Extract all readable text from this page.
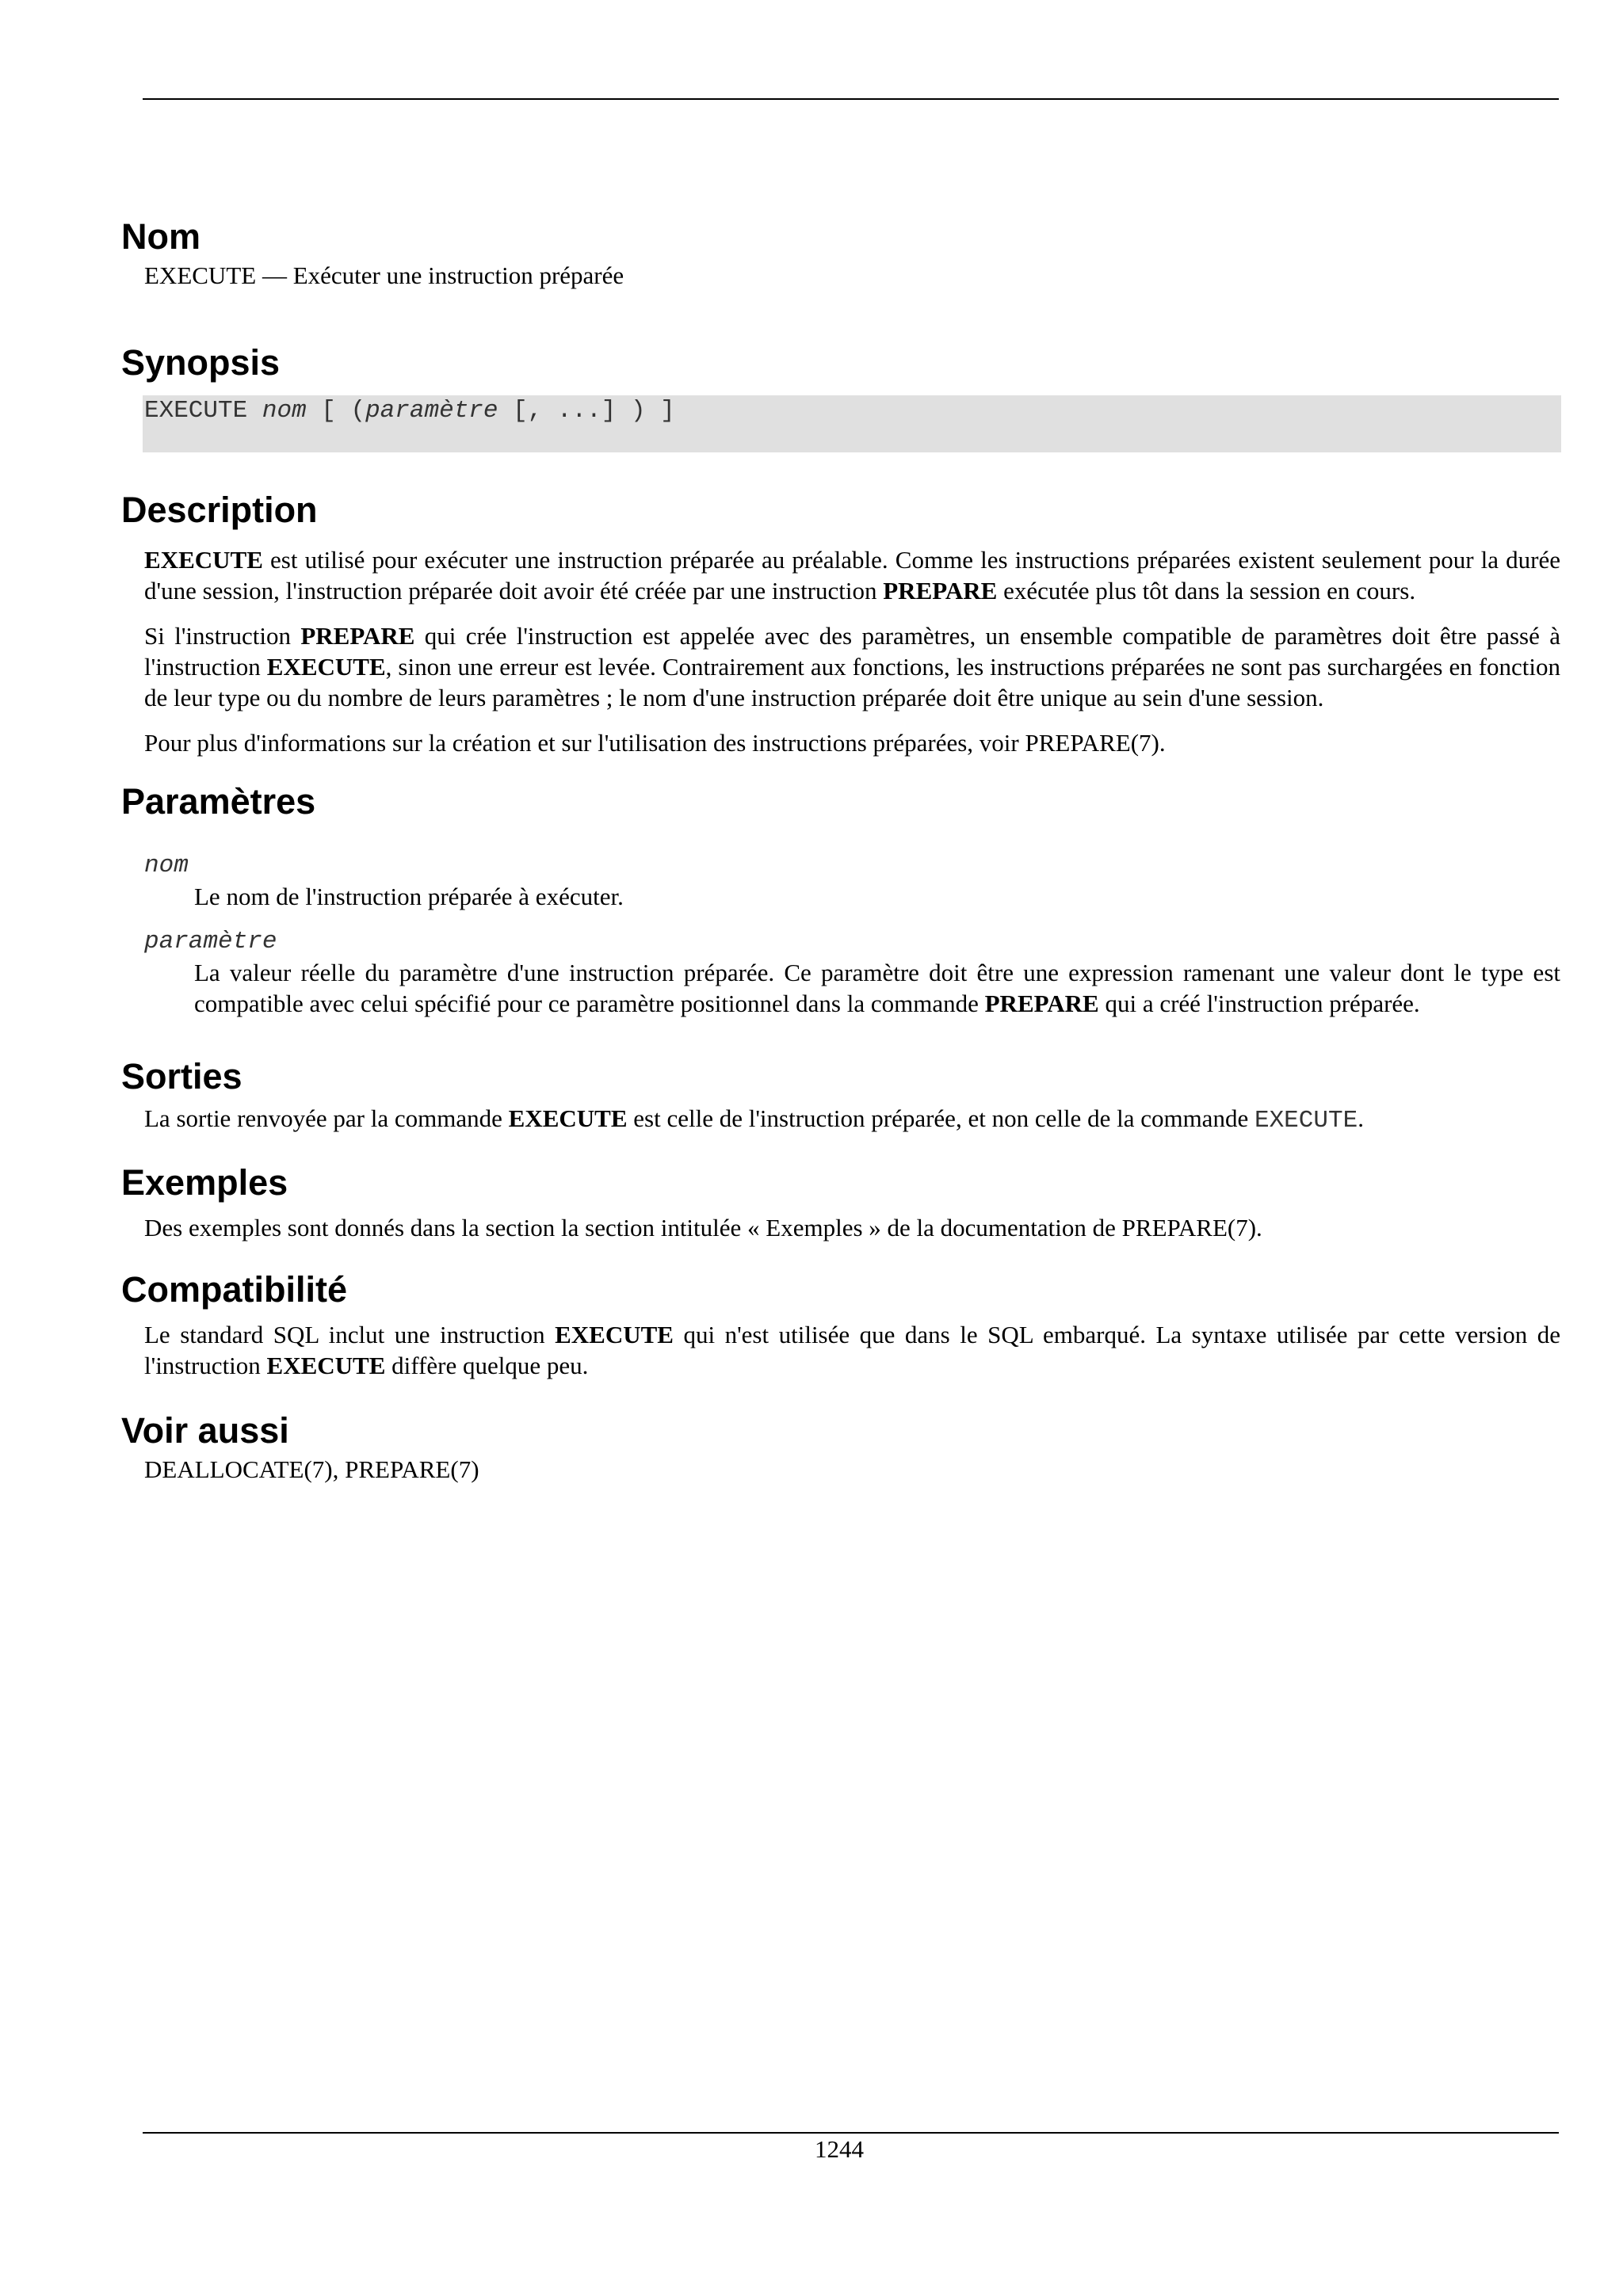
Nom
EXECUTE — Exécuter une instruction préparée
Synopsis
EXECUTE nom [ (paramètre [, ...] ) ]
Description

EXECUTE est utilisé pour exécuter une instruction préparée au préalable. Comme les instructions préparées existent seulement pour la durée d'une session, l'instruction préparée doit avoir été créée par une instruction PREPARE exécutée plus tôt dans la session en cours.

Si l'instruction PREPARE qui crée l'instruction est appelée avec des paramètres, un ensemble compatible de paramètres doit être passé à l'instruction EXECUTE, sinon une erreur est levée. Contrairement aux fonctions, les instructions préparées ne sont pas surchargées en fonction de leur type ou du nombre de leurs paramètres ; le nom d'une instruction préparée doit être unique au sein d'une session.

Pour plus d'informations sur la création et sur l'utilisation des instructions préparées, voir PREPARE(7).

Paramètres
nom
Le nom de l'instruction préparée à exécuter.
paramètre

La valeur réelle du paramètre d'une instruction préparée. Ce paramètre doit être une expression ramenant une valeur dont le type est compatible avec celui spécifié pour ce paramètre positionnel dans la commande PREPARE qui a créé l'instruction préparée.

Sorties

La sortie renvoyée par la commande EXECUTE est celle de l'instruction préparée, et non celle de la commande EXECUTE.

Exemples

Des exemples sont donnés dans la section la section intitulée « Exemples » de la documentation de PREPARE(7).

Compatibilité

Le standard SQL inclut une instruction EXECUTE qui n'est utilisée que dans le SQL embarqué. La syntaxe utilisée par cette version de l'instruction EXECUTE diffère quelque peu.

Voir aussi
DEALLOCATE(7), PREPARE(7)
1244
